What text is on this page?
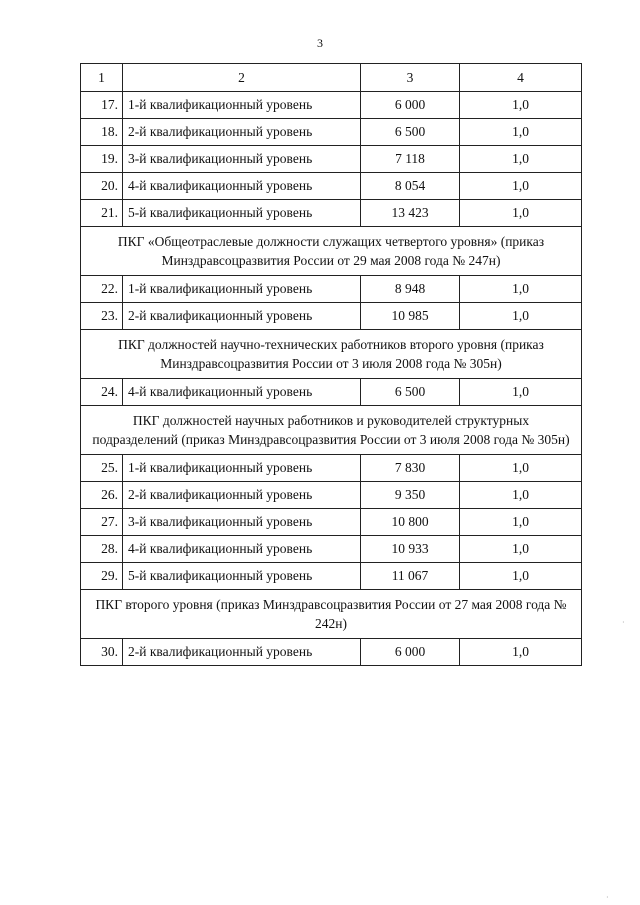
3
1	2	3	4
17.	1-й квалификационный уровень	6 000	1,0
18.	2-й квалификационный уровень	6 500	1,0
19.	3-й квалификационный уровень	7 118	1,0
20.	4-й квалификационный уровень	8 054	1,0
21.	5-й квалификационный уровень	13 423	1,0
ПКГ «Общеотраслевые должности служащих четвертого уровня» (приказ Минздравсоцразвития России от 29 мая 2008 года № 247н)			
22.	1-й квалификационный уровень	8 948	1,0
23.	2-й квалификационный уровень	10 985	1,0
ПКГ должностей научно-технических работников второго уровня (приказ Минздравсоцразвития России от 3 июля 2008 года № 305н)			
24.	4-й квалификационный уровень	6 500	1,0
ПКГ должностей научных работников и руководителей структурных подразделений (приказ Минздравсоцразвития России от 3 июля 2008 года № 305н)			
25.	1-й квалификационный уровень	7 830	1,0
26.	2-й квалификационный уровень	9 350	1,0
27.	3-й квалификационный уровень	10 800	1,0
28.	4-й квалификационный уровень	10 933	1,0
29.	5-й квалификационный уровень	11 067	1,0
ПКГ второго уровня (приказ Минздравсоцразвития России от 27 мая 2008 года № 242н)			
30.	2-й квалификационный уровень	6 000	1,0
·
·
